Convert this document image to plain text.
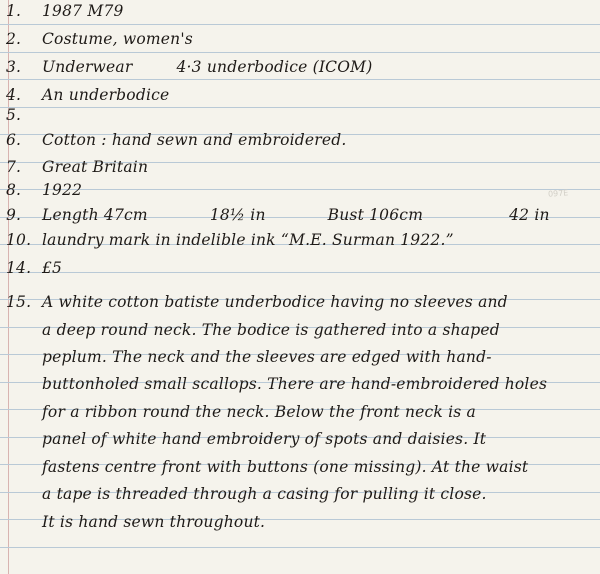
1. 1987 M79
2. Costume, women's
3. Underwear	4·3 underbodice (ICOM)
4. An underbodice
5.
6. Cotton : hand sewn and embroidered.
7. Great Britain
8. 1922
9. Length 47cm	18½ in	Bust 106cm	42 in
10. laundry mark in indelible ink “M.E. Surman 1922.”
14. £5
15. A white cotton batiste underbodice having no sleeves and
a deep round neck. The bodice is gathered into a shaped
peplum. The neck and the sleeves are edged with hand-
buttonholed small scallops. There are hand-embroidered holes
for a ribbon round the neck. Below the front neck is a
panel of white hand embroidery of spots and daisies. It
fastens centre front with buttons (one missing). At the waist
a tape is threaded through a casing for pulling it close.
It is hand sewn throughout.
097E
